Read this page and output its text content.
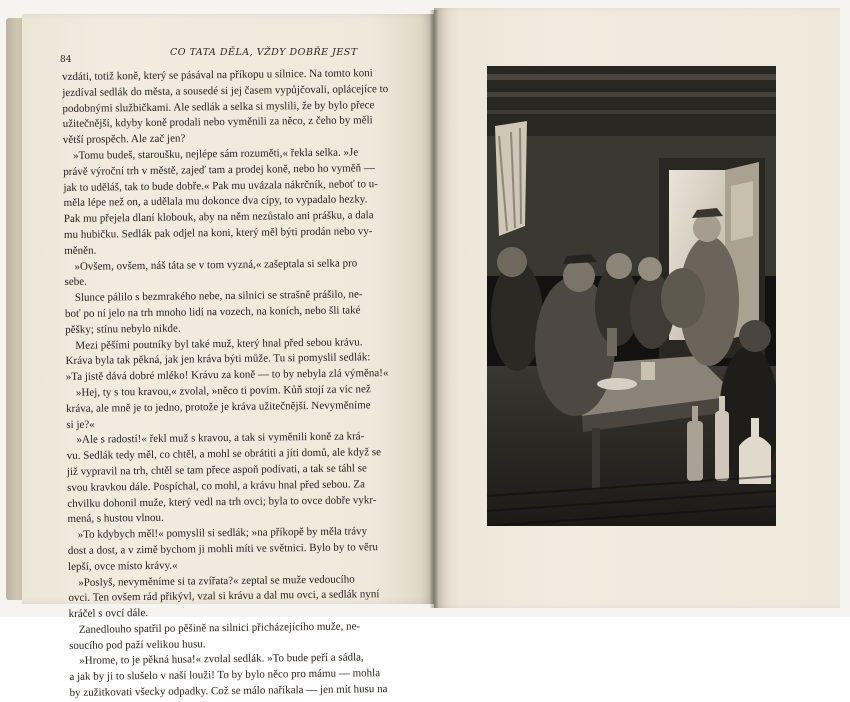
84
CO TATA DĚLA, VŽDY DOBŘE JEST
vzdáti, totiž koně, který se pásával na příkopu u silnice. Na tomto koni
jezdíval sedlák do města, a sousedé si jej časem vypůjčovali, oplácejíce to
podobnými službičkami. Ale sedlák a selka si myslili, že by bylo přece
užitečnější, kdyby koně prodali nebo vyměnili za něco, z čeho by měli
větší prospěch. Ale zač jen?
»Tomu budeš, staroušku, nejlépe sám rozuměti,« řekla selka. »Je
právě výroční trh v městě, zajeď tam a prodej koně, nebo ho vyměň —
jak to uděláš, tak to bude dobře.« Pak mu uvázala nákrčník, neboť to u-
měla lépe než on, a udělala mu dokonce dva cípy, to vypadalo hezky.
Pak mu přejela dlaní klobouk, aby na něm nezůstalo ani prášku, a dala
mu hubičku. Sedlák pak odjel na koni, který měl býti prodán nebo vy-
měněn.
»Ovšem, ovšem, náš táta se v tom vyzná,« zašeptala si selka pro
sebe.
Slunce pálilo s bezmrakého nebe, na silnici se strašně prášilo, ne-
boť po ní jelo na trh mnoho lidí na vozech, na koních, nebo šli také
pěšky; stínu nebylo nikde.
Mezi pěšími poutníky byl také muž, který hnal před sebou krávu.
Kráva byla tak pěkná, jak jen kráva býti může. Tu si pomyslil sedlák:
»Ta jistě dává dobré mléko! Krávu za koně — to by nebyla zlá výměna!«
»Hej, ty s tou kravou,« zvolal, »něco ti povím. Kůň stojí za víc než
kráva, ale mně je to jedno, protože je kráva užitečnější. Nevyměníme
si je?«
»Ale s radostí!« řekl muž s kravou, a tak si vyměnili koně za krá-
vu. Sedlák tedy měl, co chtěl, a mohl se obrátiti a jíti domů, ale když se
již vypravil na trh, chtěl se tam přece aspoň podívati, a tak se táhl se
svou kravkou dále. Pospíchal, co mohl, a krávu hnal před sebou. Za
chvilku dohonil muže, který vedl na trh ovci; byla to ovce dobře vykr-
mená, s hustou vlnou.
»To kdybych měl!« pomyslil si sedlák; »na příkopě by měla trávy
dost a dost, a v zimě bychom ji mohli míti ve světnici. Bylo by to věru
lepší, ovce místo krávy.«
»Poslyš, nevyměníme si ta zvířata?« zeptal se muže vedoucího
ovci. Ten ovšem rád přikývl, vzal si krávu a dal mu ovci, a sedlák nyní
kráčel s ovcí dále.
Zanedlouho spatřil po pěšině na silnici přicházejícího muže, ne-
soucího pod paží velikou husu.
»Hrome, to je pěkná husa!« zvolal sedlák. »To bude peří a sádla,
a jak by ji to slušelo v naší louži! To by bylo něco pro mámu — mohla
by zužitkovati všecky odpadky. Což se málo naříkala — jen mít husu na
